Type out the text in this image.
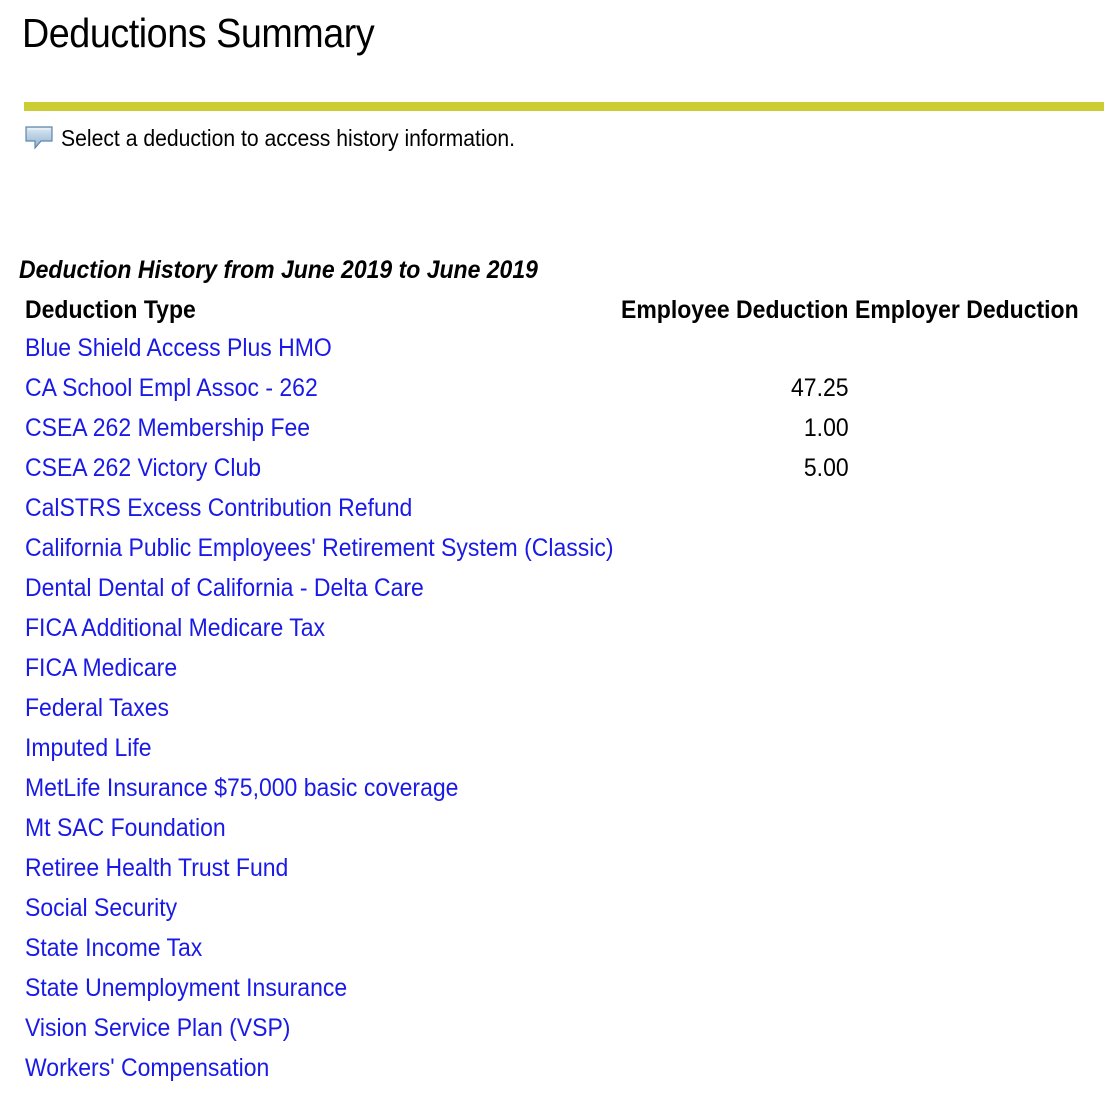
Deductions Summary
Select a deduction to access history information.
Deduction History from June 2019 to June 2019
Deduction Type	Employee Deduction	Employer Deduction
Blue Shield Access Plus HMO		
CA School Empl Assoc - 262	47.25	
CSEA 262 Membership Fee	1.00	
CSEA 262 Victory Club	5.00	
CalSTRS Excess Contribution Refund		
California Public Employees' Retirement System (Classic)		
Dental Dental of California - Delta Care		
FICA Additional Medicare Tax		
FICA Medicare		
Federal Taxes		
Imputed Life		
MetLife Insurance $75,000 basic coverage		
Mt SAC Foundation		
Retiree Health Trust Fund		
Social Security		
State Income Tax		
State Unemployment Insurance		
Vision Service Plan (VSP)		
Workers' Compensation		
